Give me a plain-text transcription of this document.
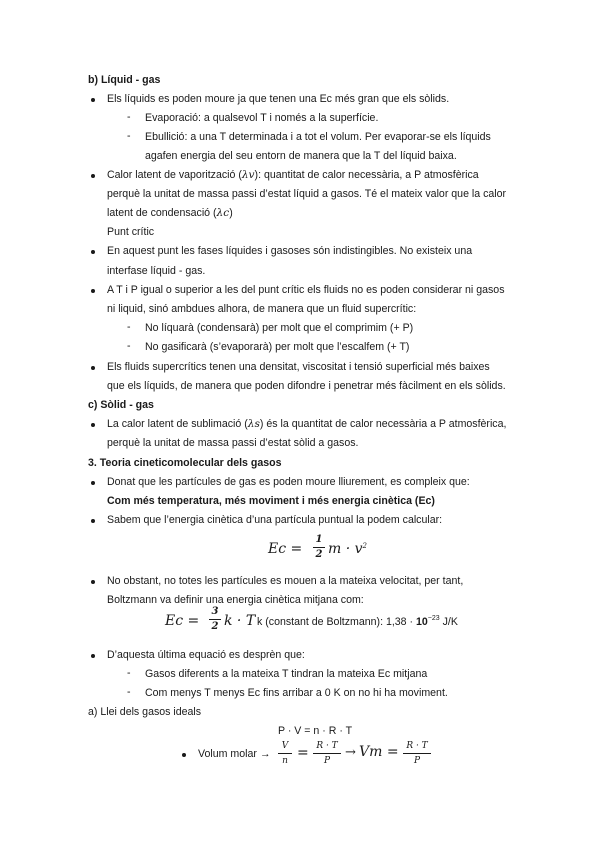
b) Líquid - gas
Els líquids es poden moure ja que tenen una Ec més gran que els sòlids.
- Evaporació: a qualsevol T i només a la superfície.
- Ebullició: a una T determinada i a tot el volum. Per evaporar-se els líquids
agafen energia del seu entorn de manera que la T del líquid baixa.
Calor latent de vaporització (λv): quantitat de calor necessària, a P atmosfèrica
perquè la unitat de massa passi d’estat líquid a gasos. Té el mateix valor que la calor
latent de condensació (λc)
Punt crític
En aquest punt les fases líquides i gasoses són indistingibles. No existeix una
interfase líquid - gas.
A T i P igual o superior a les del punt crític els fluids no es poden considerar ni gasos
ni liquid, sinó ambdues alhora, de manera que un fluid supercrític:
- No líquarà (condensarà) per molt que el comprimim (+ P)
- No gasificarà (s’evaporarà) per molt que l’escalfem (+ T)
Els fluids supercrítics tenen una densitat, viscositat i tensió superficial més baixes
que els líquids, de manera que poden difondre i penetrar més fàcilment en els sòlids.
c) Sòlid - gas
La calor latent de sublimació (λs) és la quantitat de calor necessària a P atmosfèrica,
perquè la unitat de massa passi d’estat sòlid a gasos.
3. Teoria cineticomolecular dels gasos
Donat que les partícules de gas es poden moure lliurement, es compleix que:
Com més temperatura, més moviment i més energia cinètica (Ec)
Sabem que l’energia cinètica d’una partícula puntual la podem calcular:
Ec =
1
2 $m \cdot v^2$
No obstant, no totes les partícules es mouen a la mateixa velocitat, per tant,
Boltzmann va definir una energia cinètica mitjana com:
Ec =
3
2 k · T k (constant de Boltzmann): $1,38 \cdot 10^{-23}$ J/K
D’aquesta última equació es desprèn que:
- Gasos diferents a la mateixa T tindran la mateixa Ec mitjana
- Com menys T menys Ec fins arribar a 0 K on no hi ha moviment.
a) Llei dels gasos ideals
P · V = n · R · T
Volum molar →
V
n = R · T
P
→ Vm = R · T
P
